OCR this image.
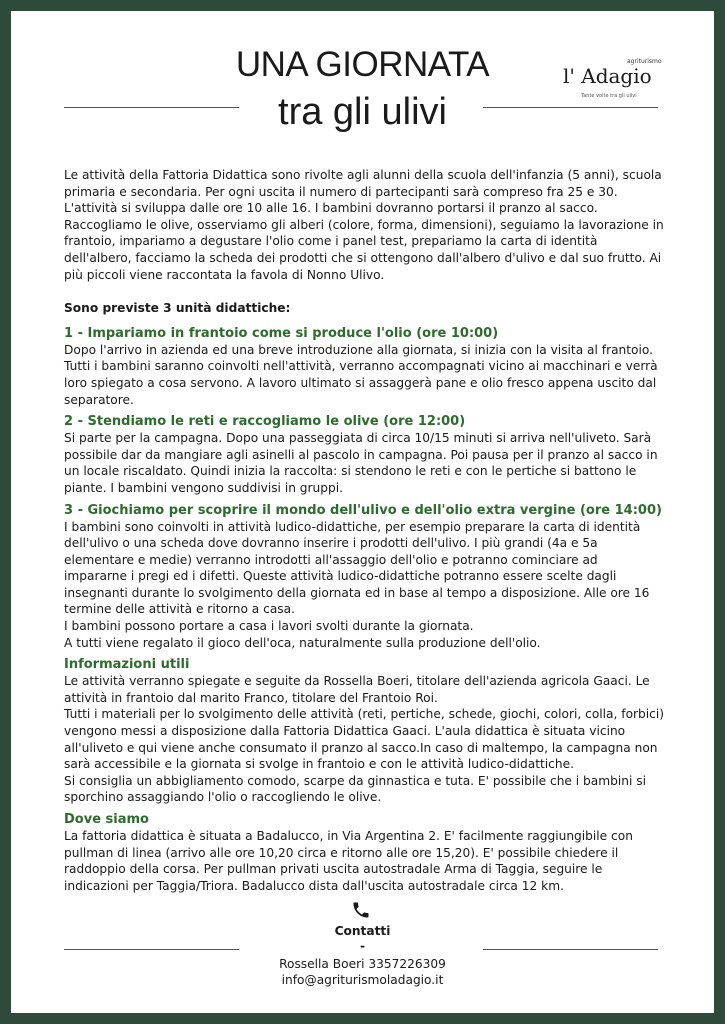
UNA GIORNATA
tra gli ulivi
l' Adagio
agriturismo
Tante volte tra gli ulivi

Le attività della Fattoria Didattica sono rivolte agli alunni della scuola dell'infanzia (5 anni), scuola primaria e secondaria. Per ogni uscita il numero di partecipanti sarà compreso fra 25 e 30. L'attività si sviluppa dalle ore 10 alle 16. I bambini dovranno portarsi il pranzo al sacco. Raccogliamo le olive, osserviamo gli alberi (colore, forma, dimensioni), seguiamo la lavorazione in frantoio, impariamo a degustare l'olio come i panel test, prepariamo la carta di identità dell'albero, facciamo la scheda dei prodotti che si ottengono dall'albero d'ulivo e dal suo frutto. Ai più piccoli viene raccontata la favola di Nonno Ulivo.

Sono previste 3 unità didattiche:

1 - Impariamo in frantoio come si produce l'olio (ore 10:00)

Dopo l'arrivo in azienda ed una breve introduzione alla giornata, si inizia con la visita al frantoio. Tutti i bambini saranno coinvolti nell'attività, verranno accompagnati vicino ai macchinari e verrà loro spiegato a cosa servono. A lavoro ultimato si assaggerà pane e olio fresco appena uscito dal separatore.

2 - Stendiamo le reti e raccogliamo le olive (ore 12:00)

Si parte per la campagna. Dopo una passeggiata di circa 10/15 minuti si arriva nell'uliveto. Sarà possibile dar da mangiare agli asinelli al pascolo in campagna. Poi pausa per il pranzo al sacco in un locale riscaldato. Quindi inizia la raccolta: si stendono le reti e con le pertiche si battono le piante. I bambini vengono suddivisi in gruppi.

3 - Giochiamo per scoprire il mondo dell'ulivo e dell'olio extra vergine (ore 14:00)

I bambini sono coinvolti in attività ludico-didattiche, per esempio preparare la carta di identità dell'ulivo o una scheda dove dovranno inserire i prodotti dell'ulivo. I più grandi (4a e 5a elementare e medie) verranno introdotti all'assaggio dell'olio e potranno cominciare ad impararne i pregi ed i difetti. Queste attività ludico-didattiche potranno essere scelte dagli insegnanti durante lo svolgimento della giornata ed in base al tempo a disposizione. Alle ore 16 termine delle attività e ritorno a casa.

I bambini possono portare a casa i lavori svolti durante la giornata.

A tutti viene regalato il gioco dell'oca, naturalmente sulla produzione dell'olio.

Informazioni utili

Le attività verranno spiegate e seguite da Rossella Boeri, titolare dell'azienda agricola Gaaci. Le attività in frantoio dal marito Franco, titolare del Frantoio Roi.

Tutti i materiali per lo svolgimento delle attività (reti, pertiche, schede, giochi, colori, colla, forbici) vengono messi a disposizione dalla Fattoria Didattica Gaaci. L'aula didattica è situata vicino all'uliveto e qui viene anche consumato il pranzo al sacco.In caso di maltempo, la campagna non sarà accessibile e la giornata si svolge in frantoio e con le attività ludico-didattiche.

Si consiglia un abbigliamento comodo, scarpe da ginnastica e tuta. E' possibile che i bambini si sporchino assaggiando l'olio o raccogliendo le olive.

Dove siamo

La fattoria didattica è situata a Badalucco, in Via Argentina 2. E' facilmente raggiungibile con pullman di linea (arrivo alle ore 10,20 circa e ritorno alle ore 15,20). E' possibile chiedere il raddoppio della corsa. Per pullman privati uscita autostradale Arma di Taggia, seguire le indicazioni per Taggia/Triora. Badalucco dista dall'uscita autostradale circa 12 km.

Contatti
-
Rossella Boeri 3357226309
info@agriturismoladagio.it
